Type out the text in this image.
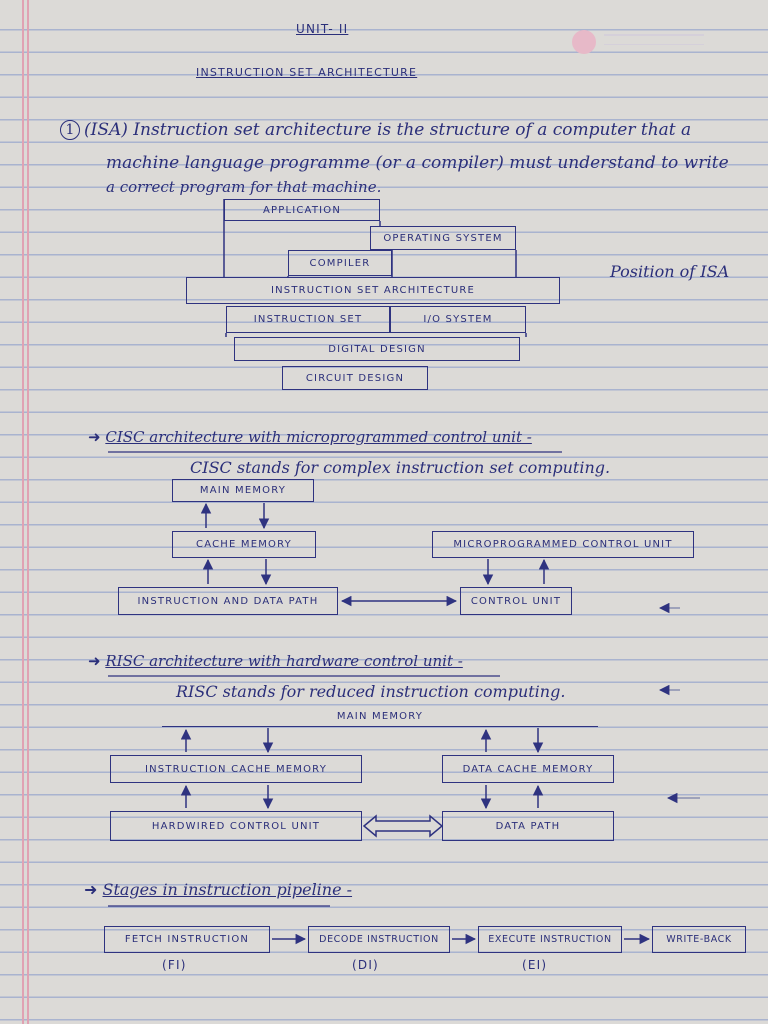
UNIT- II
INSTRUCTION SET ARCHITECTURE
1 (ISA) Instruction set architecture is the structure of a computer that a
machine language programme (or a compiler) must understand to write
a correct program for that machine.
APPLICATION
OPERATING SYSTEM
COMPILER
INSTRUCTION SET ARCHITECTURE
INSTRUCTION SET	I/O SYSTEM
DIGITAL DESIGN
CIRCUIT DESIGN
Position of ISA
➜ CISC architecture with microprogrammed control unit -
CISC stands for complex instruction set computing.
MAIN MEMORY
CACHE MEMORY	MICROPROGRAMMED CONTROL UNIT
INSTRUCTION AND DATA PATH	CONTROL UNIT
➜ RISC architecture with hardware control unit -
RISC stands for reduced instruction computing.
MAIN MEMORY
INSTRUCTION CACHE MEMORY	DATA CACHE MEMORY
HARDWIRED CONTROL UNIT	DATA PATH
➜ Stages in instruction pipeline -
FETCH INSTRUCTION	DECODE INSTRUCTION	EXECUTE INSTRUCTION	WRITE-BACK
(FI)	(DI)	(EI)
